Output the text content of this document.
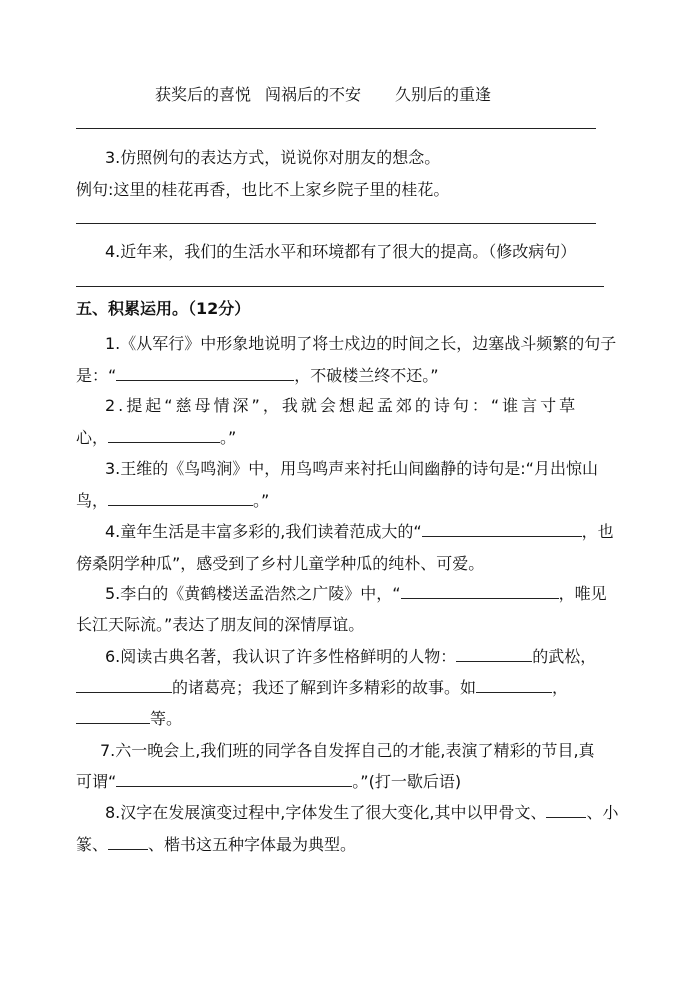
获奖后的喜悦 闯祸后的不安 久别后的重逢
3.仿照例句的表达方式，说说你对朋友的想念。
例句:这里的桂花再香，也比不上家乡院子里的桂花。
4.近年来，我们的生活水平和环境都有了很大的提高。（修改病句）
五、积累运用。（12分）
1.《从军行》中形象地说明了将士戍边的时间之长，边塞战斗频繁的句子
是：“	，不破楼兰终不还。”
2.提起“慈母情深”，我就会想起孟郊的诗句：“谁言寸草
心，	。”
3.王维的《鸟鸣涧》中，用鸟鸣声来衬托山间幽静的诗句是:“月出惊山
鸟，	。”
4.童年生活是丰富多彩的,我们读着范成大的“	，也
傍桑阴学种瓜”，感受到了乡村儿童学种瓜的纯朴、可爱。
5.李白的《黄鹤楼送孟浩然之广陵》中，“	，唯见
长江天际流。”表达了朋友间的深情厚谊。
6.阅读古典名著，我认识了许多性格鲜明的人物：	的武松，
的诸葛亮；我还了解到许多精彩的故事。如	，
等。
7.六一晚会上,我们班的同学各自发挥自己的才能,表演了精彩的节目,真
可谓“	。”(打一歇后语)
8.汉字在发展演变过程中,字体发生了很大变化,其中以甲骨文、	、小
篆、	、楷书这五种字体最为典型。
